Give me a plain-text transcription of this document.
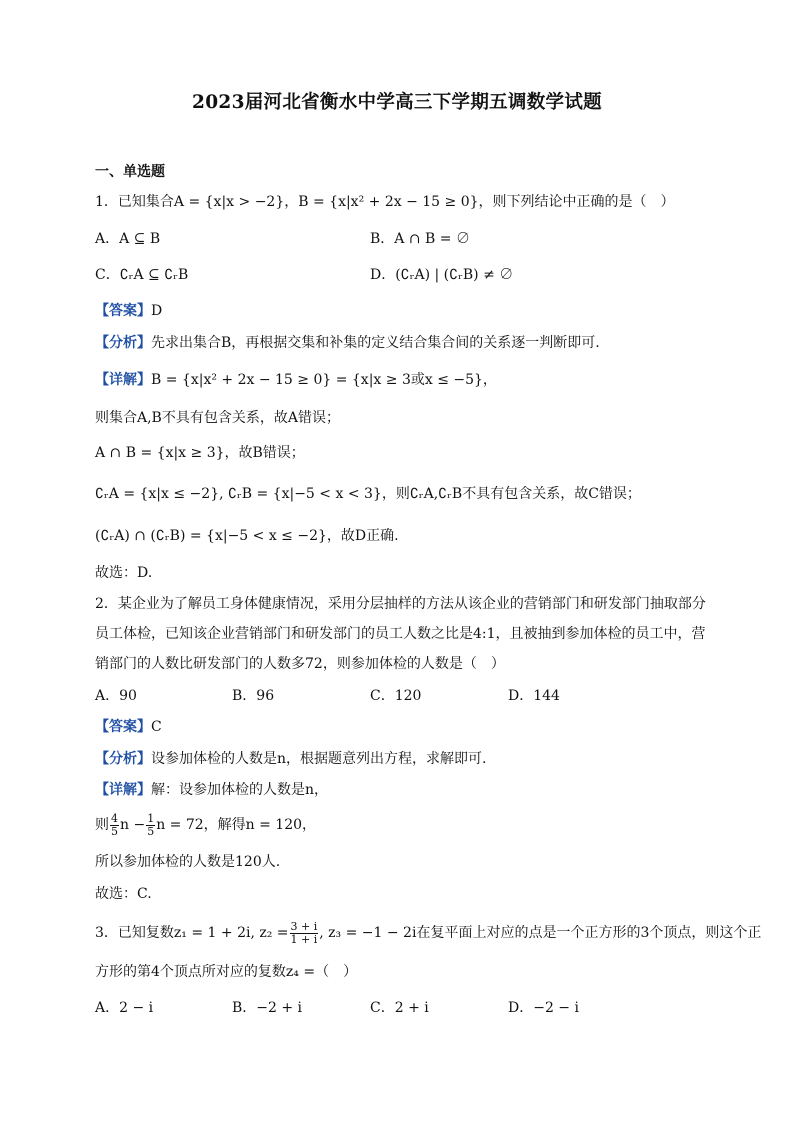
2023届河北省衡水中学高三下学期五调数学试题
一、单选题
1．已知集合A = {x|x > −2}，B = {x|x² + 2x − 15 ≥ 0}，则下列结论中正确的是（　）
A．A ⊆ B	B．A ∩ B = ∅
C．∁ᵣA ⊆ ∁ᵣB	D．(∁ᵣA) | (∁ᵣB) ≠ ∅
【答案】D
【分析】先求出集合B，再根据交集和补集的定义结合集合间的关系逐一判断即可.
【详解】B = {x|x² + 2x − 15 ≥ 0} = {x|x ≥ 3或x ≤ −5}，
则集合A,B不具有包含关系，故A错误；
A ∩ B = {x|x ≥ 3}，故B错误；
∁ᵣA = {x|x ≤ −2}, ∁ᵣB = {x|−5 < x < 3}，则∁ᵣA,∁ᵣB不具有包含关系，故C错误；
(∁ᵣA) ∩ (∁ᵣB) = {x|−5 < x ≤ −2}，故D正确.
故选：D.
2．某企业为了解员工身体健康情况，采用分层抽样的方法从该企业的营销部门和研发部门抽取部分
员工体检，已知该企业营销部门和研发部门的员工人数之比是4:1，且被抽到参加体检的员工中，营
销部门的人数比研发部门的人数多72，则参加体检的人数是（　）
A．90	B．96	C．120	D．144
【答案】C
【分析】设参加体检的人数是n，根据题意列出方程，求解即可.
【详解】解：设参加体检的人数是n，
则 $\frac{4}{5}$ $n - \frac{1}{5}$ n = 72，解得n = 120，
所以参加体检的人数是120人.
故选：C.
3．已知复数z₁ = 1 + 2i, $z_2 = \frac{3 + i}{1 + i}$ , z₃ = −1 − 2i在复平面上对应的点是一个正方形的3个顶点，则这个正
方形的第4个顶点所对应的复数z₄ =（　）
A．2 − i	B．−2 + i	C．2 + i	D．−2 − i
